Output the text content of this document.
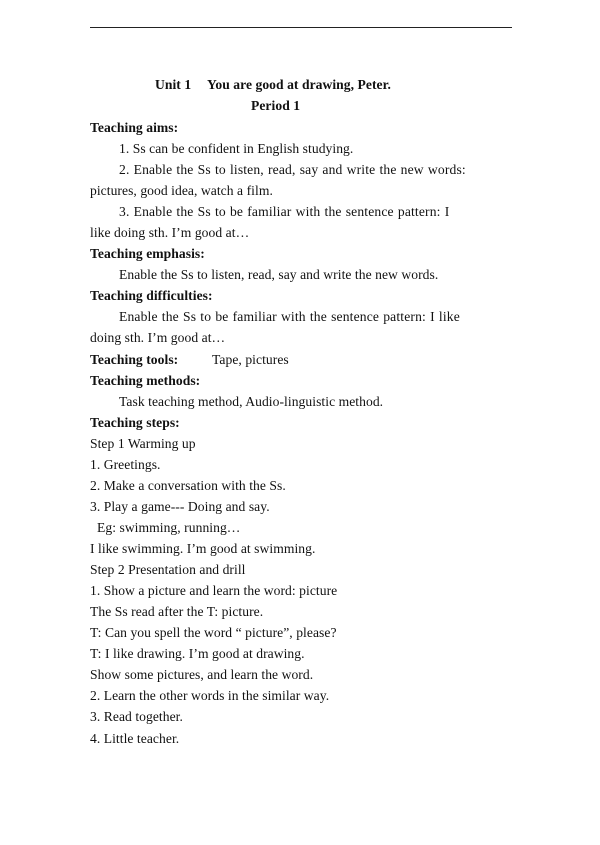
Unit 1 You are good at drawing, Peter.
Period 1
Teaching aims:
1. Ss can be confident in English studying.
2. Enable the Ss to listen, read, say and write the new words:
pictures, good idea, watch a film.
3. Enable the Ss to be familiar with the sentence pattern: I
like doing sth. I’m good at…
Teaching emphasis:
Enable the Ss to listen, read, say and write the new words.
Teaching difficulties:
Enable the Ss to be familiar with the sentence pattern: I like
doing sth. I’m good at…
Teaching tools: Tape, pictures
Teaching methods:
Task teaching method, Audio-linguistic method.
Teaching steps:
Step 1 Warming up
1. Greetings.
2. Make a conversation with the Ss.
3. Play a game--- Doing and say.
Eg: swimming, running…
I like swimming. I’m good at swimming.
Step 2 Presentation and drill
1. Show a picture and learn the word: picture
The Ss read after the T: picture.
T: Can you spell the word “ picture”, please?
T: I like drawing. I’m good at drawing.
Show some pictures, and learn the word.
2. Learn the other words in the similar way.
3. Read together.
4. Little teacher.
